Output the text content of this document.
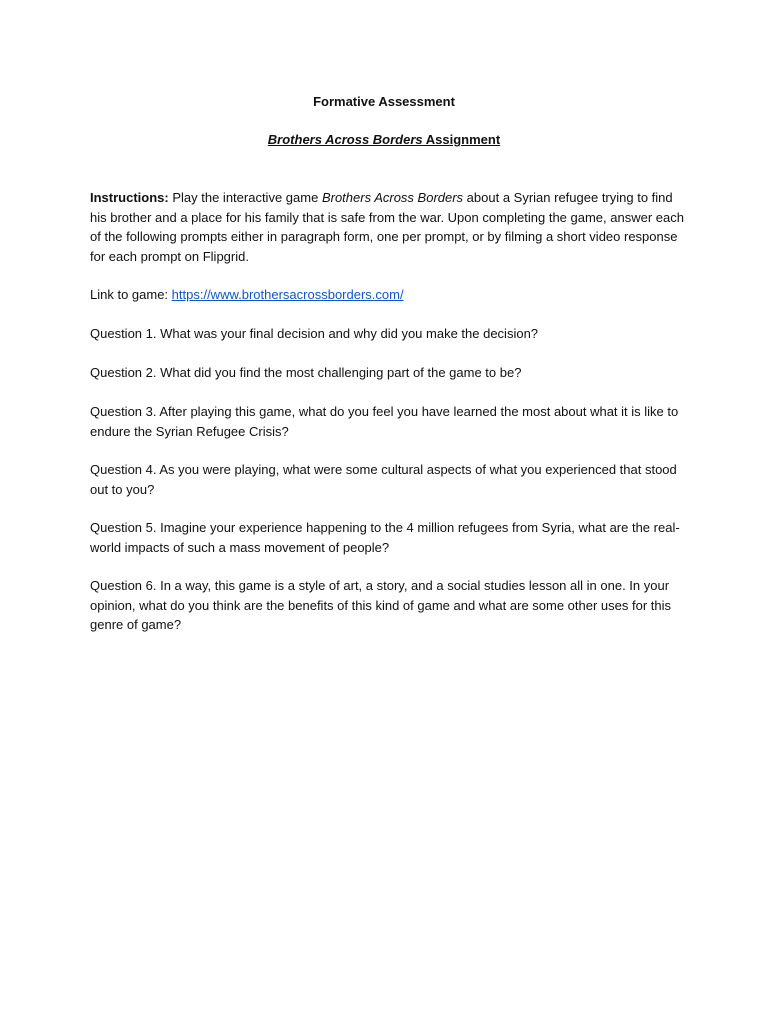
Formative Assessment
Brothers Across Borders Assignment

Instructions: Play the interactive game Brothers Across Borders about a Syrian refugee trying to find his brother and a place for his family that is safe from the war. Upon completing the game, answer each of the following prompts either in paragraph form, one per prompt, or by filming a short video response for each prompt on Flipgrid.

Link to game: https://www.brothersacrossborders.com/

Question 1. What was your final decision and why did you make the decision?

Question 2. What did you find the most challenging part of the game to be?

Question 3. After playing this game, what do you feel you have learned the most about what it is like to endure the Syrian Refugee Crisis?

Question 4. As you were playing, what were some cultural aspects of what you experienced that stood out to you?

Question 5. Imagine your experience happening to the 4 million refugees from Syria, what are the real-world impacts of such a mass movement of people?

Question 6. In a way, this game is a style of art, a story, and a social studies lesson all in one. In your opinion, what do you think are the benefits of this kind of game and what are some other uses for this genre of game?
